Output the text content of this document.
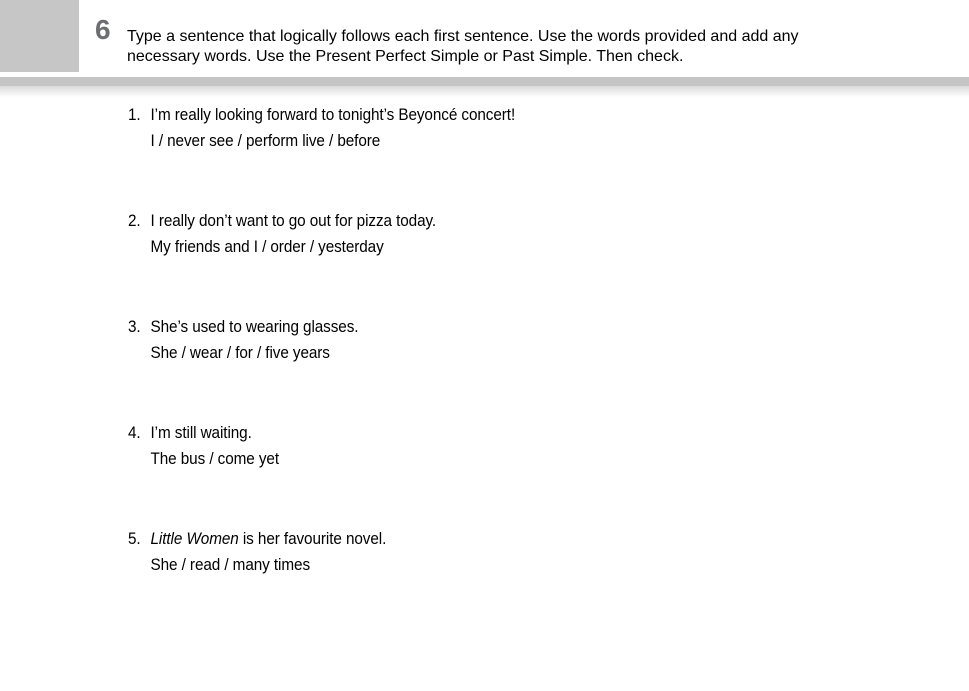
6 Type a sentence that logically follows each first sentence. Use the words provided and add any
necessary words. Use the Present Perfect Simple or Past Simple. Then check.
1. I’m really looking forward to tonight’s Beyoncé concert!
I / never see / perform live / before
2. I really don’t want to go out for pizza today.
My friends and I / order / yesterday
3. She’s used to wearing glasses.
She / wear / for / five years
4. I’m still waiting.
The bus / come yet
5. Little Women is her favourite novel.
She / read / many times
